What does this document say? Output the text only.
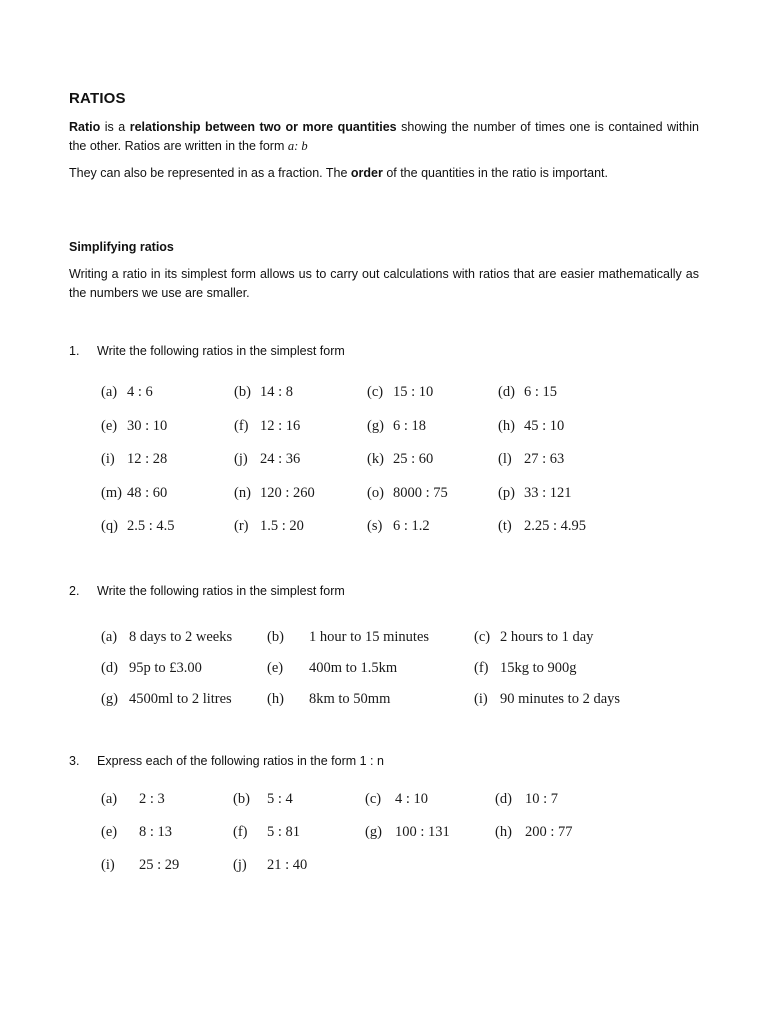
RATIOS
Ratio is a relationship between two or more quantities showing the number of times one is contained within the other. Ratios are written in the form a: b
They can also be represented in as a fraction. The order of the quantities in the ratio is important.
Simplifying ratios
Writing a ratio in its simplest form allows us to carry out calculations with ratios that are easier mathematically as the numbers we use are smaller.
1. Write the following ratios in the simplest form
(a) 4 : 6	(b) 14 : 8	(c) 15 : 10	(d) 6 : 15
(e) 30 : 10	(f) 12 : 16	(g) 6 : 18	(h) 45 : 10
(i) 12 : 28	(j) 24 : 36	(k) 25 : 60	(l) 27 : 63
(m) 48 : 60	(n) 120 : 260	(o) 8000 : 75	(p) 33 : 121
(q) 2.5 : 4.5	(r) 1.5 : 20	(s) 6 : 1.2	(t) 2.25 : 4.95
2. Write the following ratios in the simplest form
(a) 8 days to 2 weeks (b) 1 hour to 15 minutes	(c) 2 hours to 1 day
(d) 95p to £3.00	(e) 400m to 1.5km	(f) 15kg to 900g
(g) 4500ml to 2 litres (h) 8km to 50mm	(i) 90 minutes to 2 days
3. Express each of the following ratios in the form 1 : n
(a) 2 : 3	(b) 5 : 4	(c) 4 : 10	(d) 10 : 7
(e) 8 : 13	(f) 5 : 81	(g) 100 : 131	(h) 200 : 77
(i) 25 : 29	(j) 21 : 40
